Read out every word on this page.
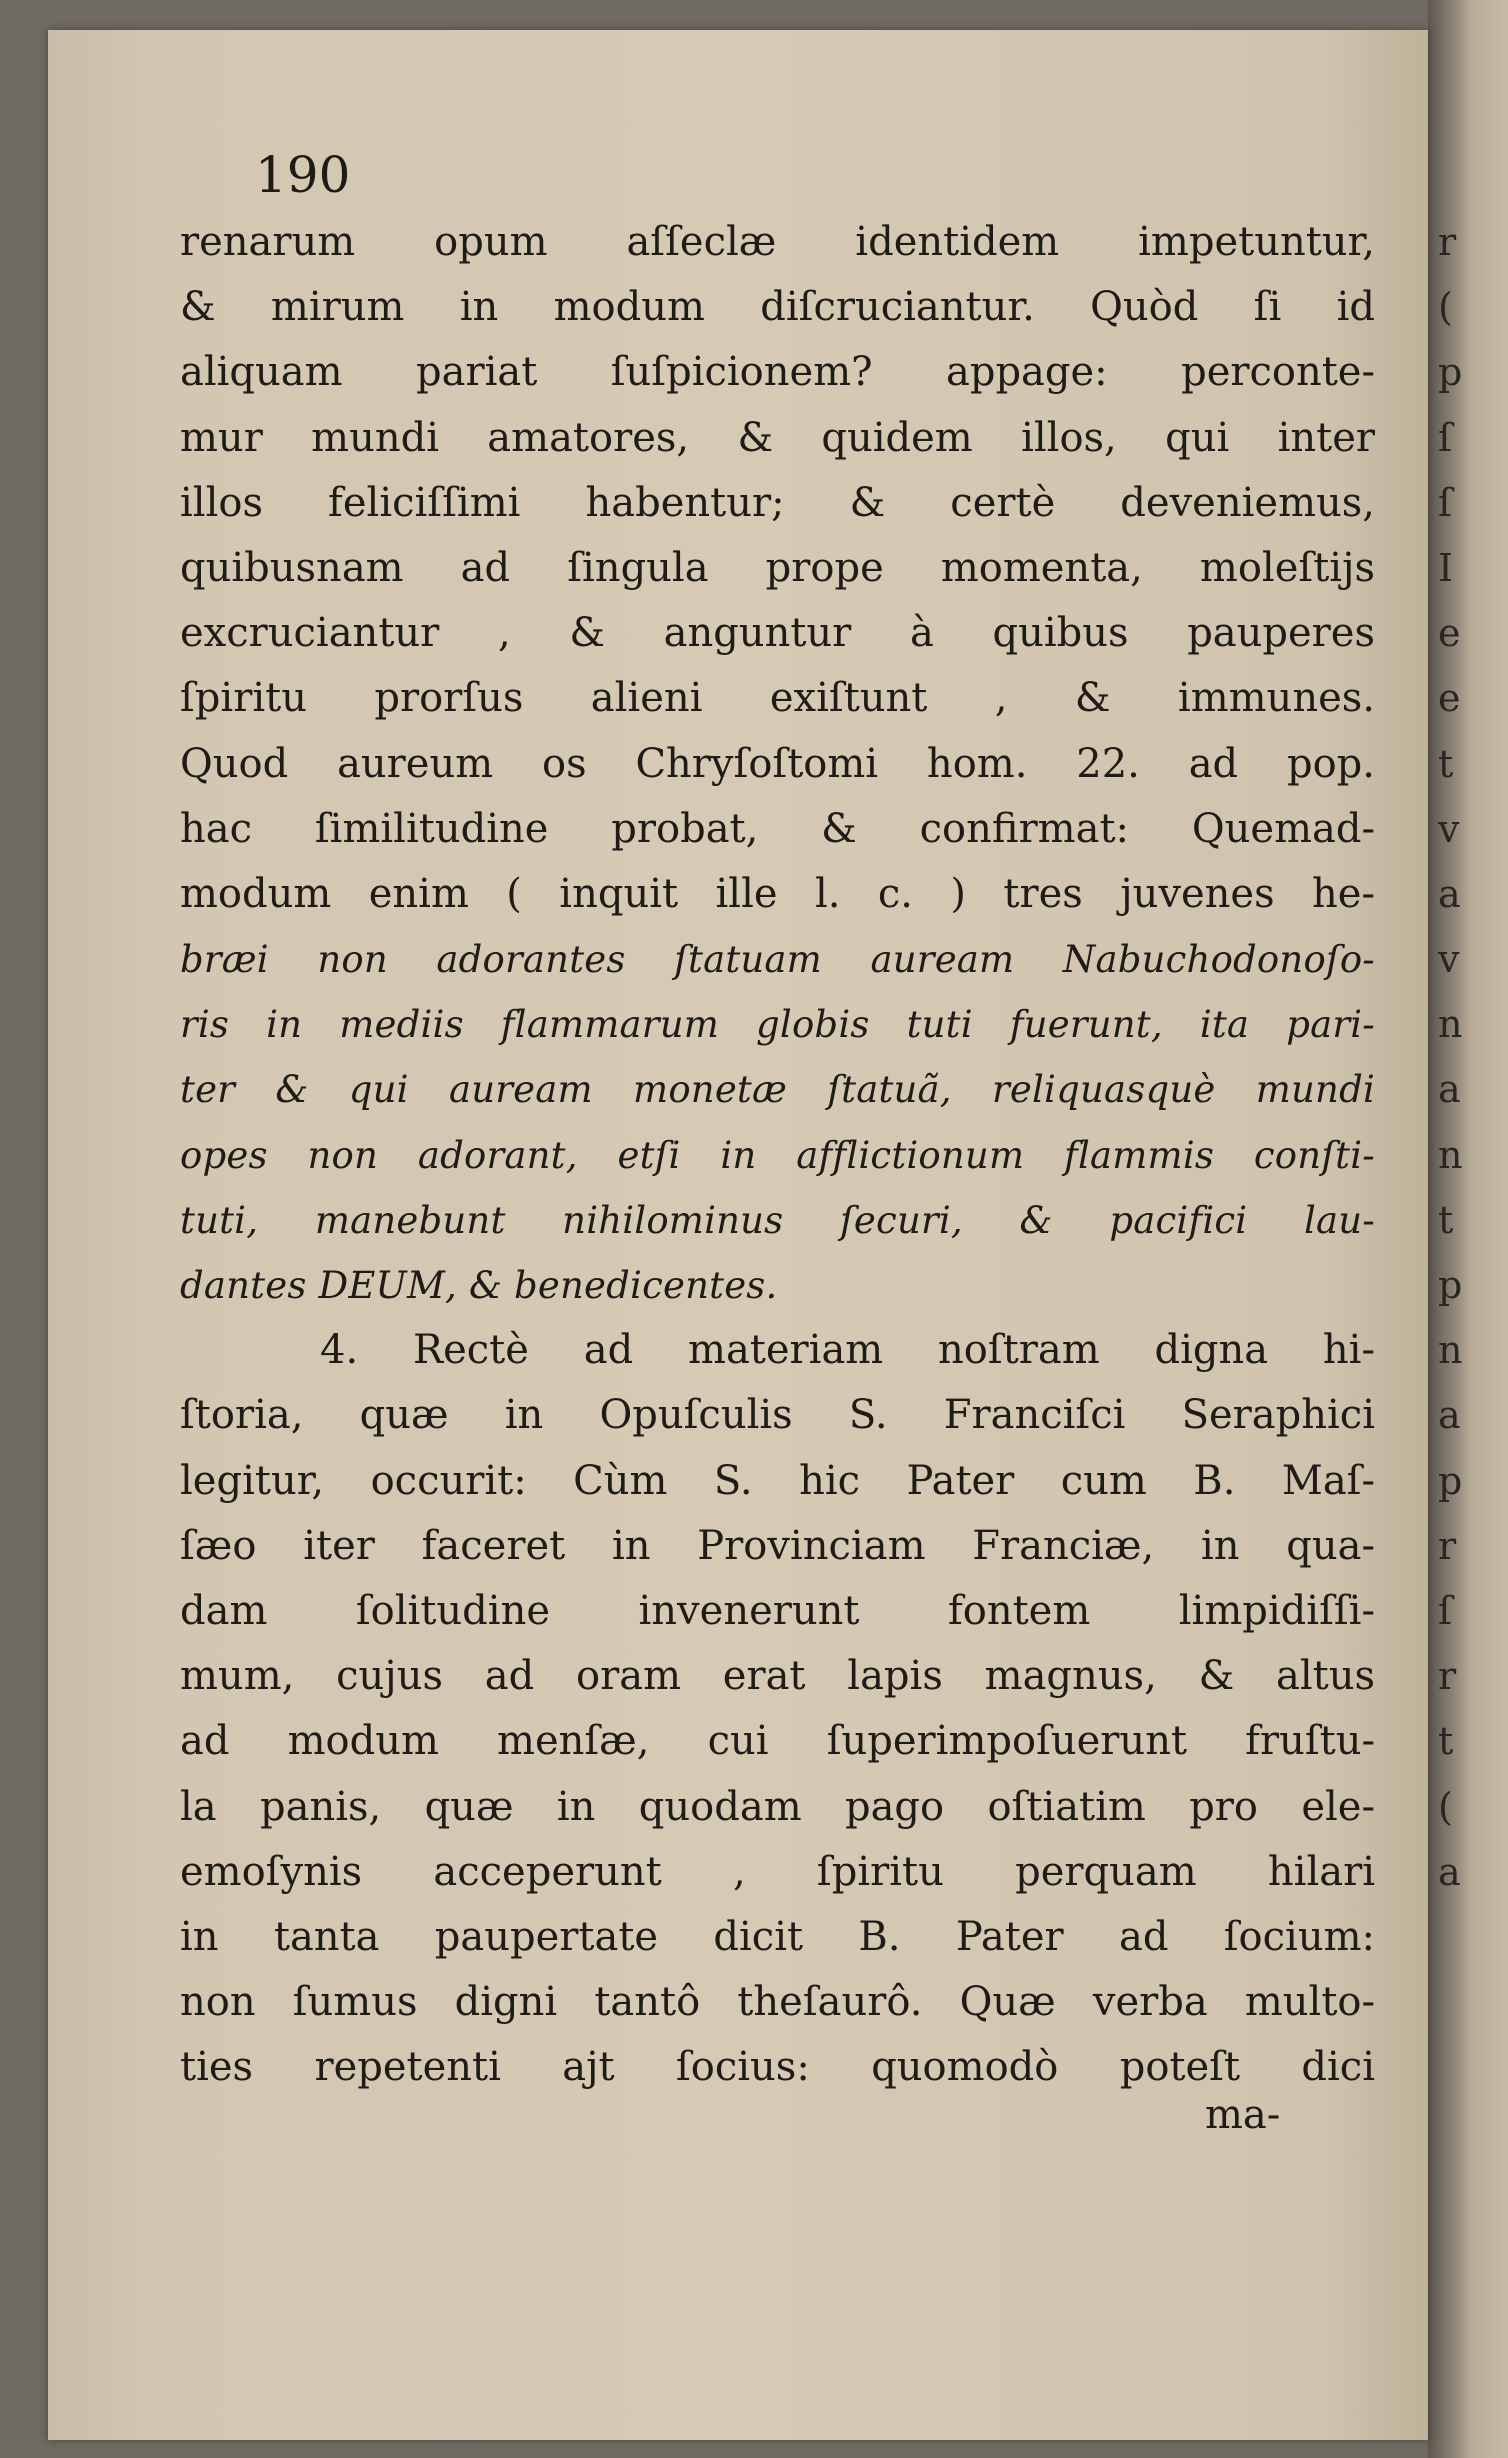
190
renarum opum aſſeclæ identidem impetuntur,
& mirum in modum diſcruciantur. Quòd ſi id
aliquam pariat ſuſpicionem? appage: perconte-
mur mundi amatores, & quidem illos, qui inter
illos feliciſſimi habentur; & certè deveniemus,
quibusnam ad ſingula prope momenta, moleſtijs
excruciantur , & anguntur à quibus pauperes
ſpiritu prorſus alieni exiſtunt , & immunes.
Quod aureum os Chryſoſtomi hom. 22. ad pop.
hac ſimilitudine probat, & confirmat: Quemad-
modum enim ( inquit ille l. c. ) tres juvenes he-
bræi non adorantes ſtatuam auream Nabuchodonoſo-
ris in mediis flammarum globis tuti fuerunt, ita pari-
ter & qui auream monetæ ſtatuã, reliquasquè mundi
opes non adorant, etſi in afflictionum flammis conſti-
tuti, manebunt nihilominus ſecuri, & pacifici lau-
dantes DEUM, & benedicentes.
4. Rectè ad materiam noſtram digna hi-
ſtoria, quæ in Opuſculis S. Franciſci Seraphici
legitur, occurit: Cùm S. hic Pater cum B. Maſ-
ſæo iter faceret in Provinciam Franciæ, in qua-
dam ſolitudine invenerunt fontem limpidiſſi-
mum, cujus ad oram erat lapis magnus, & altus
ad modum menſæ, cui ſuperimpoſuerunt fruſtu-
la panis, quæ in quodam pago oſtiatim pro ele-
emoſynis acceperunt , ſpiritu perquam hilari
in tanta paupertate dicit B. Pater ad ſocium:
non ſumus digni tantô theſaurô. Quæ verba multo-
ties repetenti ajt ſocius: quomodò poteſt dici
ma-
r
(
p
ſ
ſ
I
e
e
t
v
a
v
n
a
n
t
p
n
a
p
r
ſ
r
t
(
a
